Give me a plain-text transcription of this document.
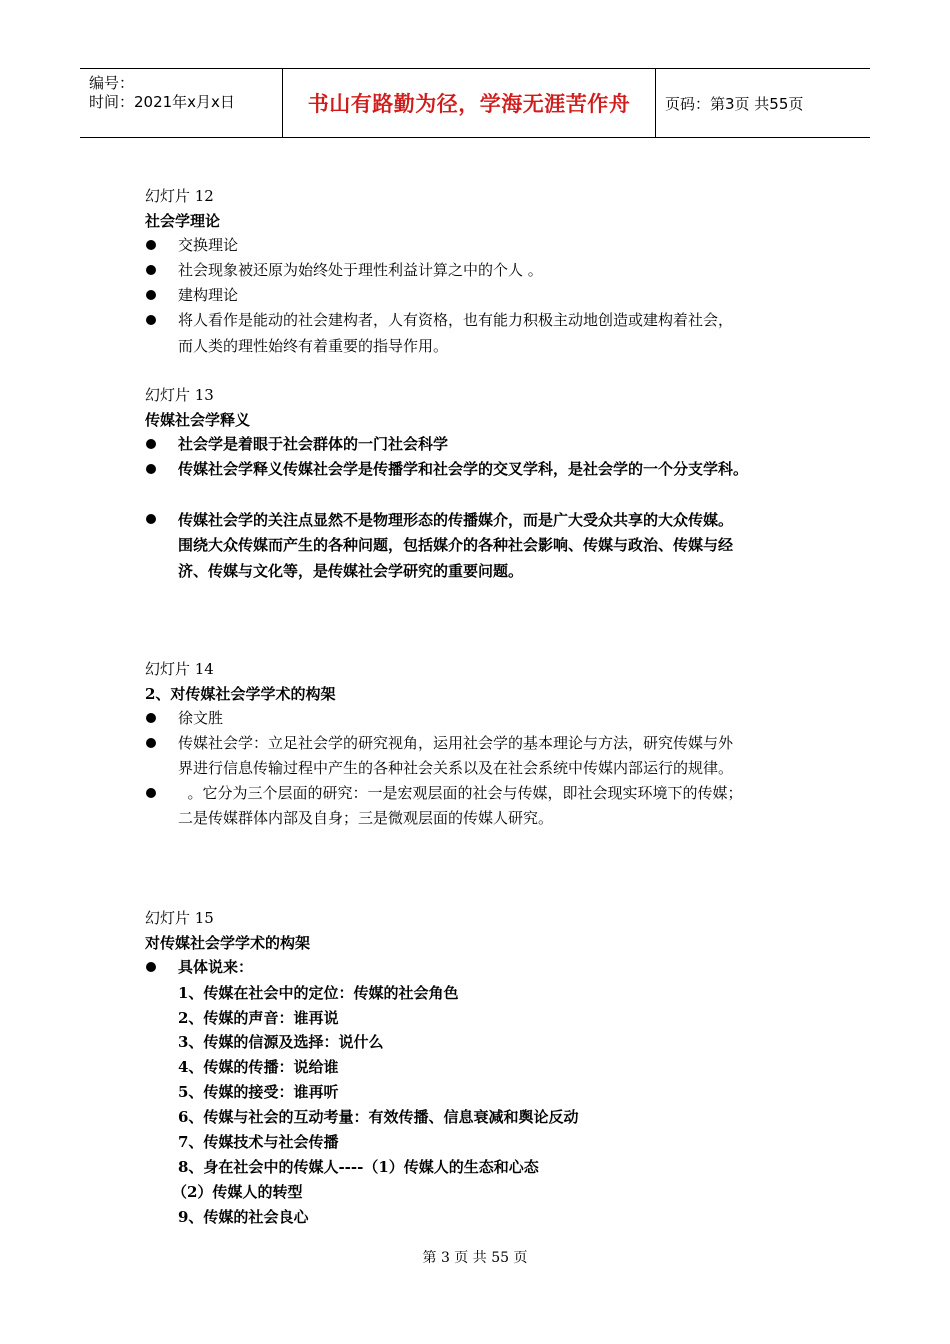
编号：
时间：2021年x月x日	书山有路勤为径，学海无涯苦作舟 页码：第3页 共55页
幻灯片 12
社会学理论
交换理论
社会现象被还原为始终处于理性利益计算之中的个人 。
建构理论
将人看作是能动的社会建构者，人有资格，也有能力积极主动地创造或建构着社会，
而人类的理性始终有着重要的指导作用。
幻灯片 13
传媒社会学释义
社会学是着眼于社会群体的一门社会科学
传媒社会学释义传媒社会学是传播学和社会学的交叉学科，是社会学的一个分支学科。
传媒社会学的关注点显然不是物理形态的传播媒介，而是广大受众共享的大众传媒。
围绕大众传媒而产生的各种问题，包括媒介的各种社会影响、传媒与政治、传媒与经
济、传媒与文化等，是传媒社会学研究的重要问题。
幻灯片 14
2、对传媒社会学学术的构架
徐文胜
传媒社会学：立足社会学的研究视角，运用社会学的基本理论与方法，研究传媒与外
界进行信息传输过程中产生的各种社会关系以及在社会系统中传媒内部运行的规律。
。它分为三个层面的研究：一是宏观层面的社会与传媒，即社会现实环境下的传媒；
二是传媒群体内部及自身；三是微观层面的传媒人研究。
幻灯片 15
对传媒社会学学术的构架
具体说来：
1、传媒在社会中的定位：传媒的社会角色
2、传媒的声音：谁再说
3、传媒的信源及选择：说什么
4、传媒的传播：说给谁
5、传媒的接受：谁再听
6、传媒与社会的互动考量：有效传播、信息衰减和舆论反动
7、传媒技术与社会传播
8、身在社会中的传媒人----（1）传媒人的生态和心态
（2）传媒人的转型
9、传媒的社会良心
第 3 页 共 55 页
